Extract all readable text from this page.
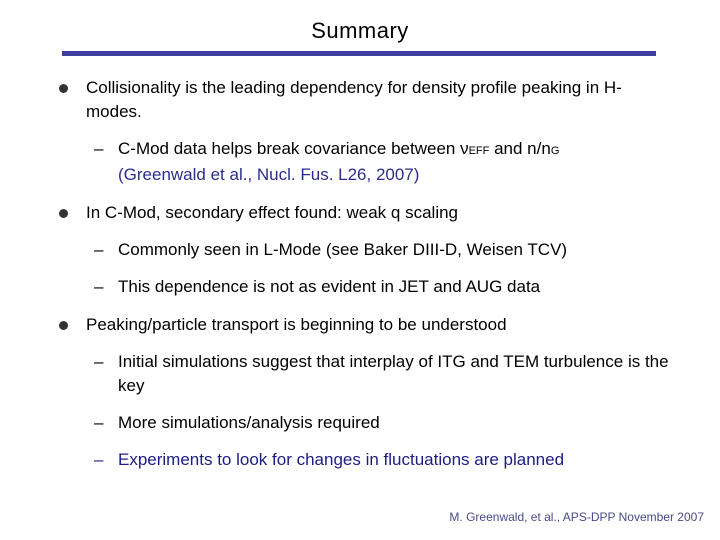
Summary
Collisionality is the leading dependency for density profile peaking in H-modes.
– C-Mod data helps break covariance between νEFF and n/nG
(Greenwald et al., Nucl. Fus. L26, 2007)
In C-Mod, secondary effect found: weak q scaling
– Commonly seen in L-Mode (see Baker DIII-D, Weisen TCV)
– This dependence is not as evident in JET and AUG data
Peaking/particle transport is beginning to be understood
– Initial simulations suggest that interplay of ITG and TEM turbulence is the key
– More simulations/analysis required
– Experiments to look for changes in fluctuations are planned
M. Greenwald, et al., APS-DPP November 2007
